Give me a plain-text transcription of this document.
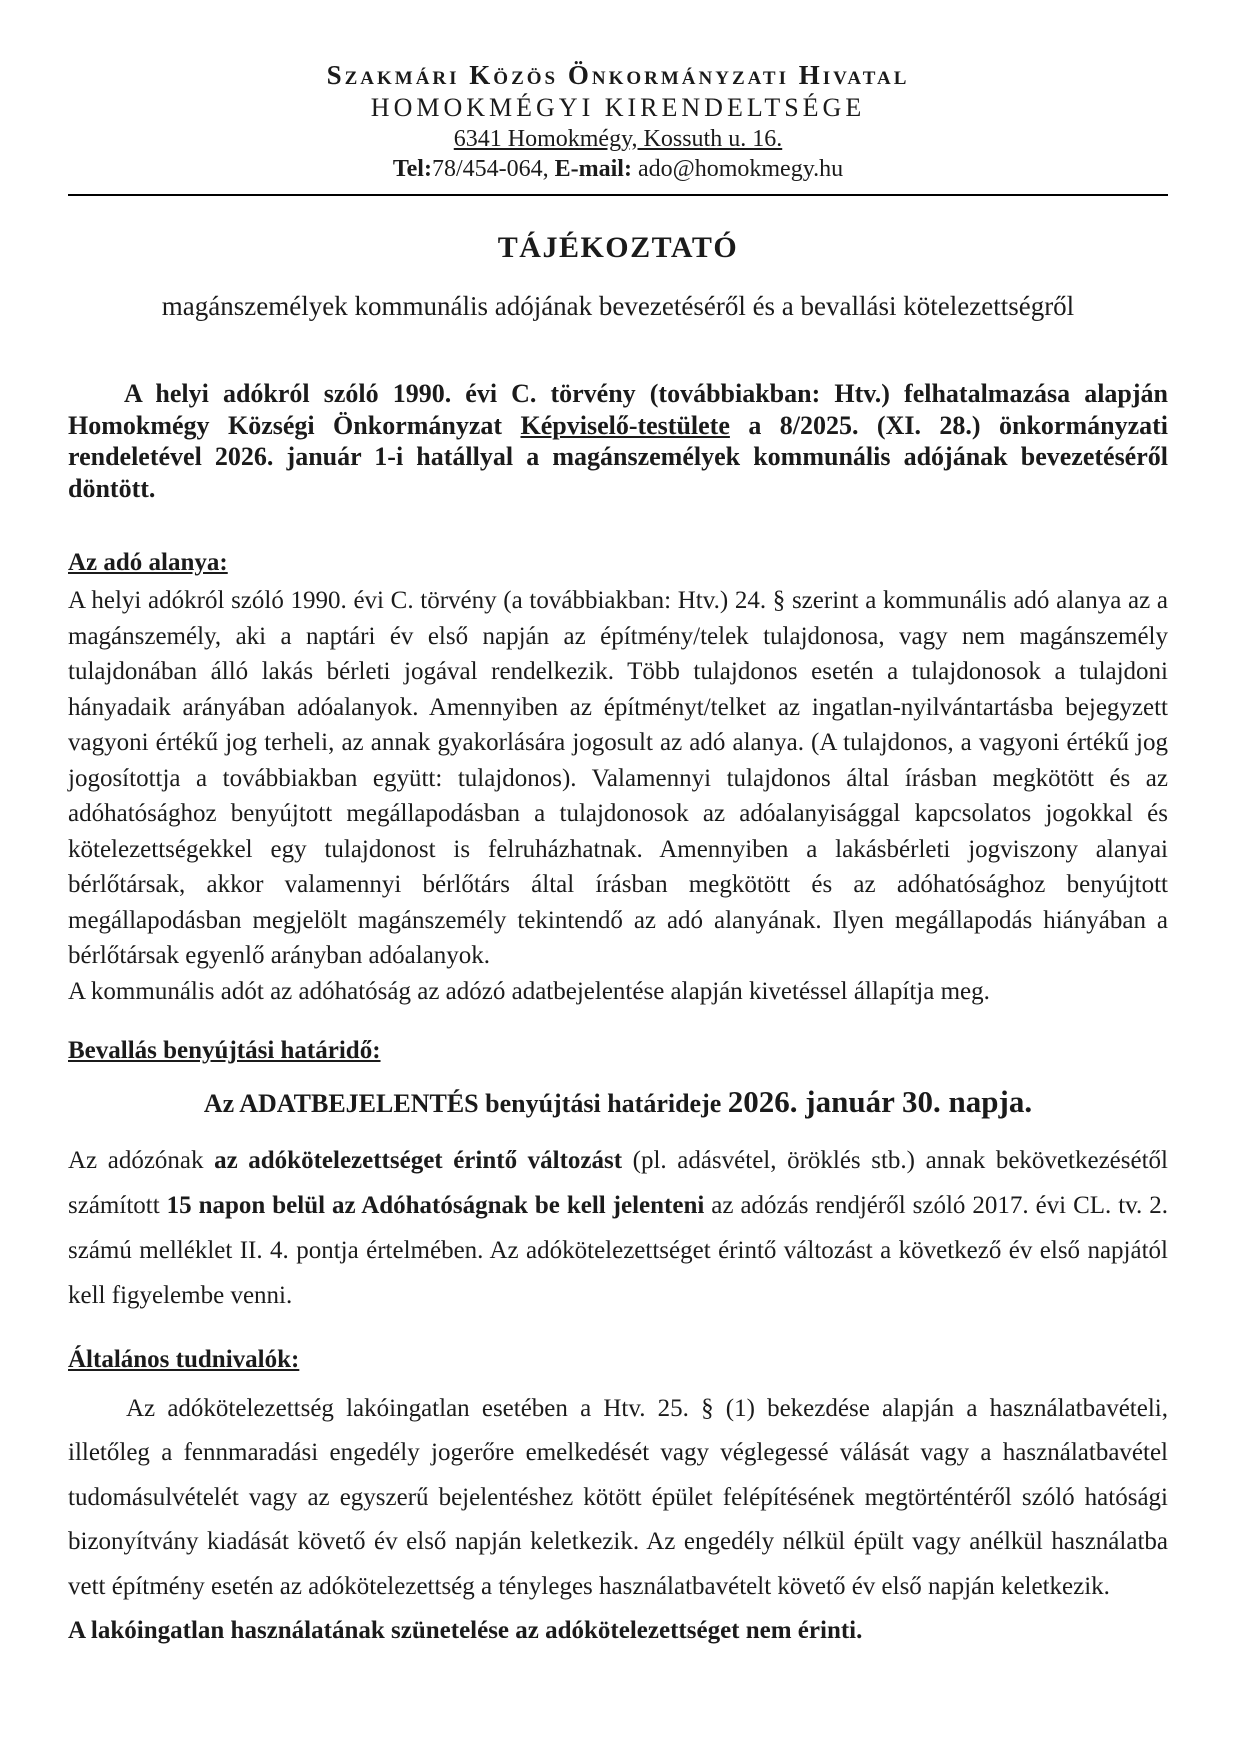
Szakmári Közös Önkormányzati Hivatal
HOMOKMÉGYI KIRENDELTSÉGE
6341 Homokmégy, Kossuth u. 16.
Tel:78/454-064, E-mail: ado@homokmegy.hu
TÁJÉKOZTATÓ

magánszemélyek kommunális adójának bevezetéséről és a bevallási kötelezettségről

A helyi adókról szóló 1990. évi C. törvény (továbbiakban: Htv.) felhatalmazása alapján Homokmégy Községi Önkormányzat Képviselő-testülete a 8/2025. (XI. 28.) önkormányzati rendeletével 2026. január 1-i hatállyal a magánszemélyek kommunális adójának bevezetéséről döntött.

Az adó alanya:

A helyi adókról szóló 1990. évi C. törvény (a továbbiakban: Htv.) 24. § szerint a kommunális adó alanya az a magánszemély, aki a naptári év első napján az építmény/telek tulajdonosa, vagy nem magánszemély tulajdonában álló lakás bérleti jogával rendelkezik. Több tulajdonos esetén a tulajdonosok a tulajdoni hányadaik arányában adóalanyok. Amennyiben az építményt/telket az ingatlan-nyilvántartásba bejegyzett vagyoni értékű jog terheli, az annak gyakorlására jogosult az adó alanya. (A tulajdonos, a vagyoni értékű jog jogosítottja a továbbiakban együtt: tulajdonos). Valamennyi tulajdonos által írásban megkötött és az adóhatósághoz benyújtott megállapodásban a tulajdonosok az adóalanyisággal kapcsolatos jogokkal és kötelezettségekkel egy tulajdonost is felruházhatnak. Amennyiben a lakásbérleti jogviszony alanyai bérlőtársak, akkor valamennyi bérlőtárs által írásban megkötött és az adóhatósághoz benyújtott megállapodásban megjelölt magánszemély tekintendő az adó alanyának. Ilyen megállapodás hiányában a bérlőtársak egyenlő arányban adóalanyok.

A kommunális adót az adóhatóság az adózó adatbejelentése alapján kivetéssel állapítja meg.

Bevallás benyújtási határidő:

Az ADATBEJELENTÉS benyújtási határideje 2026. január 30. napja.

Az adózónak az adókötelezettséget érintő változást (pl. adásvétel, öröklés stb.) annak bekövetkezésétől számított 15 napon belül az Adóhatóságnak be kell jelenteni az adózás rendjéről szóló 2017. évi CL. tv. 2. számú melléklet II. 4. pontja értelmében. Az adókötelezettséget érintő változást a következő év első napjától kell figyelembe venni.

Általános tudnivalók:

Az adókötelezettség lakóingatlan esetében a Htv. 25. § (1) bekezdése alapján a használatbavételi, illetőleg a fennmaradási engedély jogerőre emelkedését vagy véglegessé válását vagy a használatbavétel tudomásulvételét vagy az egyszerű bejelentéshez kötött épület felépítésének megtörténtéről szóló hatósági bizonyítvány kiadását követő év első napján keletkezik. Az engedély nélkül épült vagy anélkül használatba vett építmény esetén az adókötelezettség a tényleges használatbavételt követő év első napján keletkezik.

A lakóingatlan használatának szünetelése az adókötelezettséget nem érinti.
